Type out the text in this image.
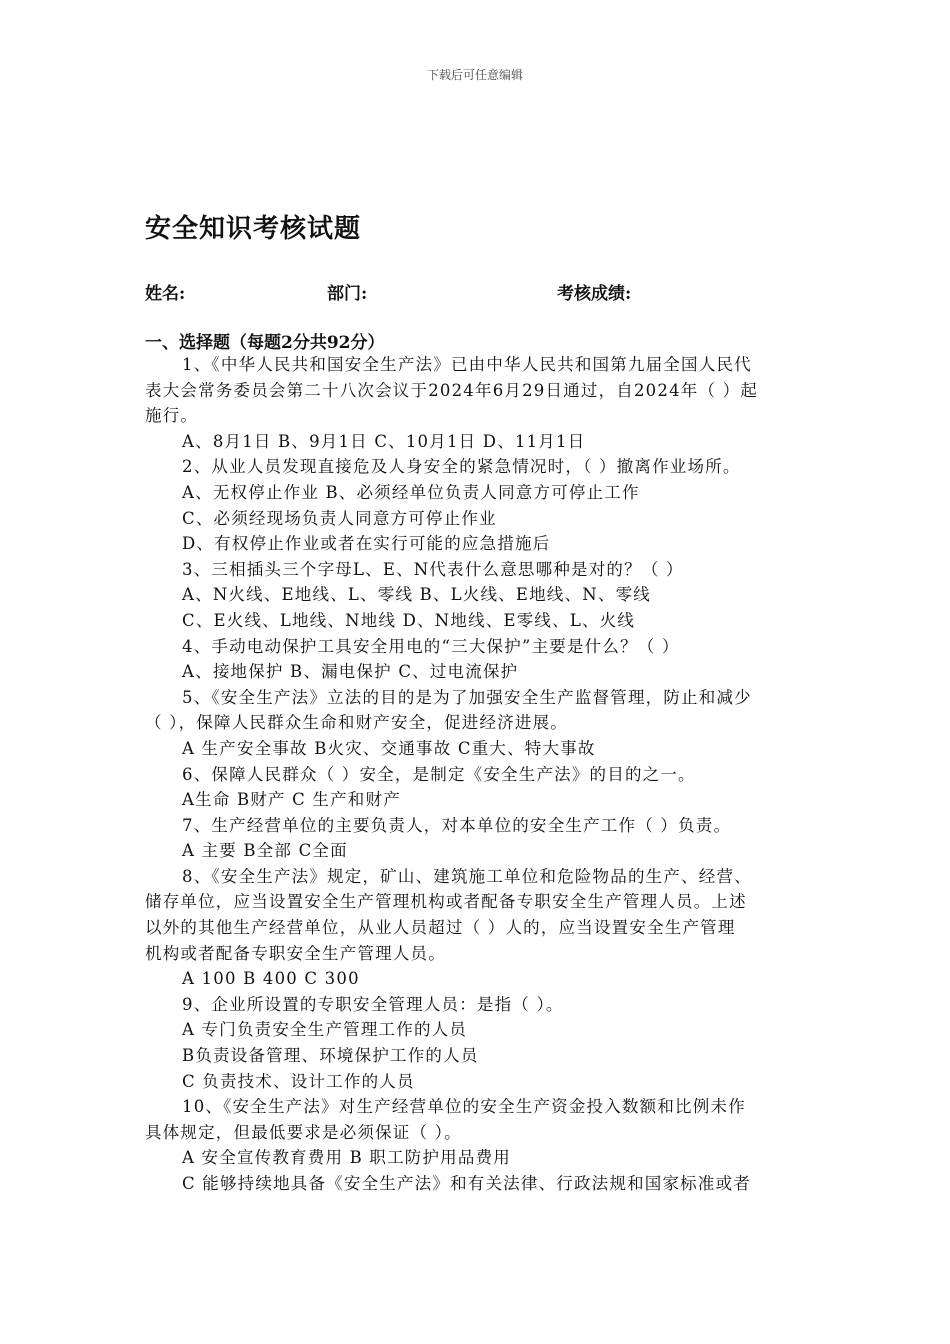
下载后可任意编辑
安全知识考核试题
姓名:	部门:	考核成绩:
一、选择题（每题2分共92分）
1、《中华人民共和国安全生产法》已由中华人民共和国第九届全国人民代
表大会常务委员会第二十八次会议于2024年6月29日通过，自2024年（ ）起
施行。
A、8月1日 B、9月1日 C、10月1日 D、11月1日
2、从业人员发现直接危及人身安全的紧急情况时，（ ）撤离作业场所。
A、无权停止作业 B、必须经单位负责人同意方可停止工作
C、必须经现场负责人同意方可停止作业
D、有权停止作业或者在实行可能的应急措施后
3、三相插头三个字母L、E、N代表什么意思哪种是对的？（ ）
A、N火线、E地线、L、零线 B、L火线、E地线、N、零线
C、E火线、L地线、N地线 D、N地线、E零线、L、火线
4、手动电动保护工具安全用电的“三大保护”主要是什么？（ ）
A、接地保护 B、漏电保护 C、过电流保护
5、《安全生产法》立法的目的是为了加强安全生产监督管理，防止和减少
（ ），保障人民群众生命和财产安全，促进经济进展。
A 生产安全事故 B火灾、交通事故 C重大、特大事故
6、保障人民群众（ ）安全，是制定《安全生产法》的目的之一。
A生命 B财产 C 生产和财产
7、生产经营单位的主要负责人，对本单位的安全生产工作（ ）负责。
A 主要 B全部 C全面
8、《安全生产法》规定，矿山、建筑施工单位和危险物品的生产、经营、
储存单位，应当设置安全生产管理机构或者配备专职安全生产管理人员。上述
以外的其他生产经营单位，从业人员超过（ ）人的，应当设置安全生产管理
机构或者配备专职安全生产管理人员。
A 100 B 400 C 300
9、企业所设置的专职安全管理人员：是指（ ）。
A 专门负责安全生产管理工作的人员
B负责设备管理、环境保护工作的人员
C 负责技术、设计工作的人员
10、《安全生产法》对生产经营单位的安全生产资金投入数额和比例未作
具体规定，但最低要求是必须保证（ ）。
A 安全宣传教育费用 B 职工防护用品费用
C 能够持续地具备《安全生产法》和有关法律、行政法规和国家标准或者
